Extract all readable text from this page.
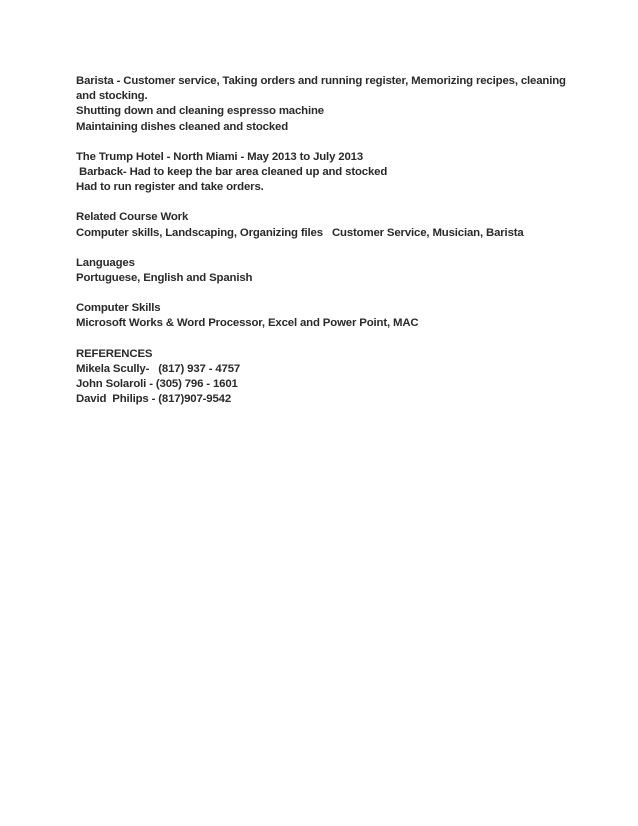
Barista - Customer service, Taking orders and running register, Memorizing recipes, cleaning and stocking.
Shutting down and cleaning espresso machine
Maintaining dishes cleaned and stocked
The Trump Hotel - North Miami - May 2013 to July 2013
Barback- Had to keep the bar area cleaned up and stocked
Had to run register and take orders.
Related Course Work
Computer skills, Landscaping, Organizing files   Customer Service, Musician, Barista
Languages
Portuguese, English and Spanish
Computer Skills
Microsoft Works & Word Processor, Excel and Power Point, MAC
REFERENCES
Mikela Scully-   (817) 937 - 4757
John Solaroli - (305) 796 - 1601
David  Philips - (817)907-9542
